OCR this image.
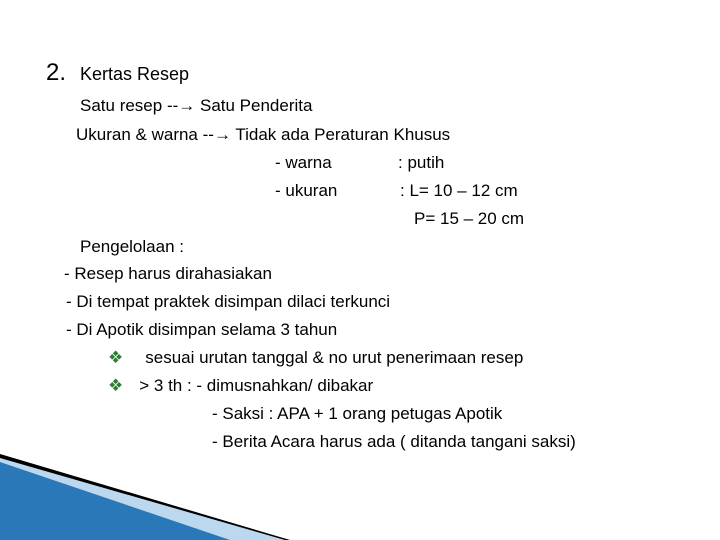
2. Kertas Resep
Satu resep --→ Satu Penderita
Ukuran & warna --→ Tidak ada Peraturan Khusus
- warna	: putih
- ukuran	: L= 10 – 12 cm
P= 15 – 20 cm
Pengelolaan :
- Resep harus dirahasiakan
- Di tempat praktek disimpan dilaci terkunci
- Di Apotik disimpan selama 3 tahun
❖ sesuai urutan tanggal & no urut penerimaan resep
❖ > 3 th : - dimusnahkan/ dibakar
- Saksi : APA + 1 orang petugas Apotik
- Berita Acara harus ada ( ditanda tangani saksi)
